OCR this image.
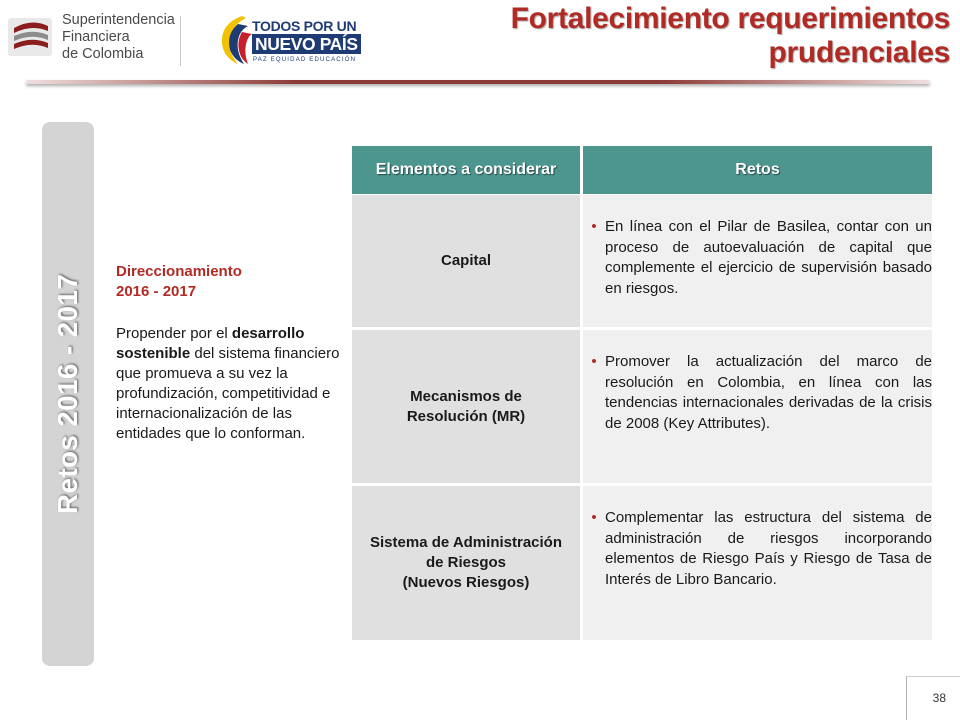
Superintendencia
Financiera
de Colombia
TODOS POR UN
NUEVO PAÍS
PAZ EQUIDAD EDUCACIÓN
Fortalecimiento requerimientos
prudenciales
Retos 2016 - 2017
Direccionamiento
2016 - 2017
Propender por el desarrollo sostenible del sistema financiero que promueva a su vez la profundización, competitividad e internacionalización de las entidades que lo conforman.
Elementos a considerar	Retos
Capital
• En línea con el Pilar de Basilea, contar con un proceso de autoevaluación de capital que complemente el ejercicio de supervisión basado en riesgos.
Mecanismos de Resolución (MR)
• Promover la actualización del marco de resolución en Colombia, en línea con las tendencias internacionales derivadas de la crisis de 2008 (Key Attributes).
Sistema de Administración de Riesgos
(Nuevos Riesgos)
• Complementar las estructura del sistema de administración de riesgos incorporando elementos de Riesgo País y Riesgo de Tasa de Interés de Libro Bancario.
38
